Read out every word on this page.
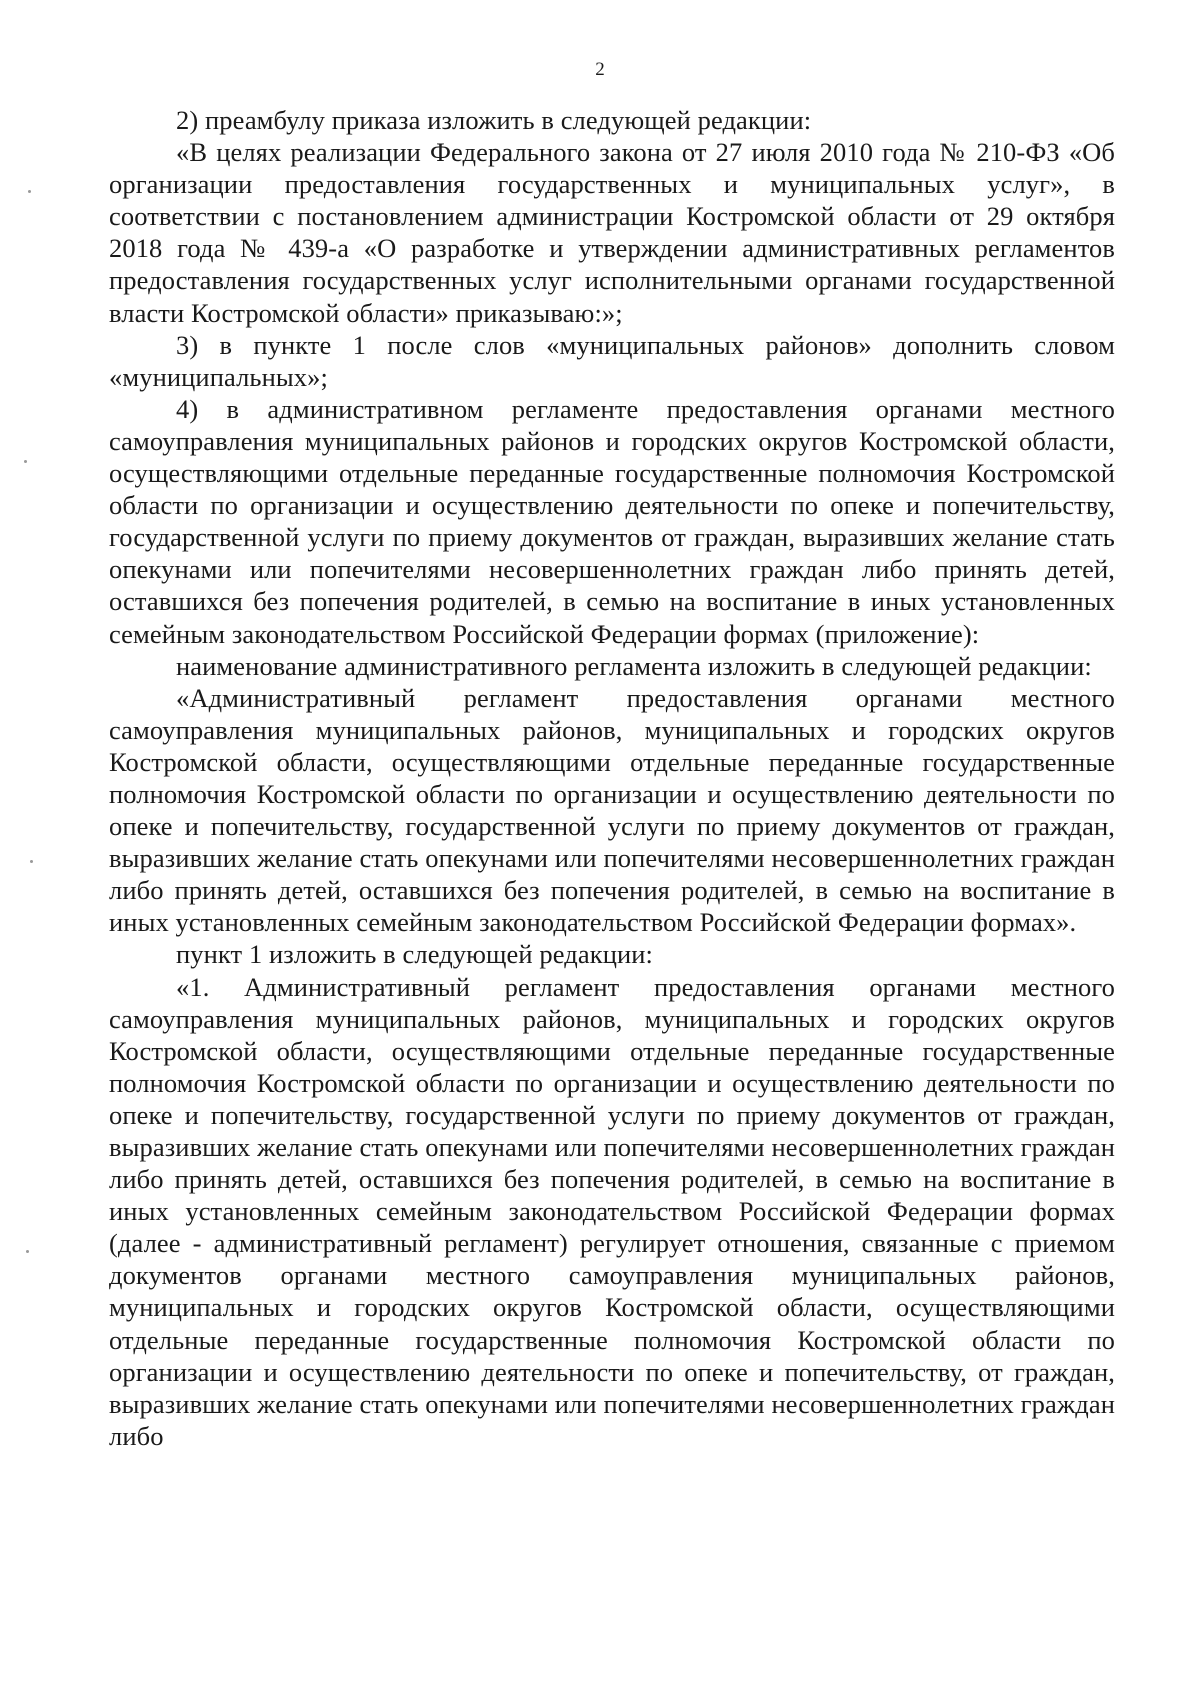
2

2) преамбулу приказа изложить в следующей редакции:

«В целях реализации Федерального закона от 27 июля 2010 года № 210-ФЗ «Об организации предоставления государственных и муниципальных услуг», в соответствии с постановлением администрации Костромской области от 29 октября 2018 года № 439-а «О разработке и утверждении административных регламентов предоставления государственных услуг исполнительными органами государственной власти Костромской области» приказываю:»;

3) в пункте 1 после слов «муниципальных районов» дополнить словом «муниципальных»;

4) в административном регламенте предоставления органами местного самоуправления муниципальных районов и городских округов Костромской области, осуществляющими отдельные переданные государственные полномочия Костромской области по организации и осуществлению деятельности по опеке и попечительству, государственной услуги по приему документов от граждан, выразивших желание стать опекунами или попечителями несовершеннолетних граждан либо принять детей, оставшихся без попечения родителей, в семью на воспитание в иных установленных семейным законодательством Российской Федерации формах (приложение):

наименование административного регламента изложить в следующей редакции:

«Административный регламент предоставления органами местного самоуправления муниципальных районов, муниципальных и городских округов Костромской области, осуществляющими отдельные переданные государственные полномочия Костромской области по организации и осуществлению деятельности по опеке и попечительству, государственной услуги по приему документов от граждан, выразивших желание стать опекунами или попечителями несовершеннолетних граждан либо принять детей, оставшихся без попечения родителей, в семью на воспитание в иных установленных семейным законодательством Российской Федерации формах».

пункт 1 изложить в следующей редакции:

«1. Административный регламент предоставления органами местного самоуправления муниципальных районов, муниципальных и городских округов Костромской области, осуществляющими отдельные переданные государственные полномочия Костромской области по организации и осуществлению деятельности по опеке и попечительству, государственной услуги по приему документов от граждан, выразивших желание стать опекунами или попечителями несовершеннолетних граждан либо принять детей, оставшихся без попечения родителей, в семью на воспитание в иных установленных семейным законодательством Российской Федерации формах (далее - административный регламент) регулирует отношения, связанные с приемом документов органами местного самоуправления муниципальных районов, муниципальных и городских округов Костромской области, осуществляющими отдельные переданные государственные полномочия Костромской области по организации и осуществлению деятельности по опеке и попечительству, от граждан, выразивших желание стать опекунами или попечителями несовершеннолетних граждан либо
